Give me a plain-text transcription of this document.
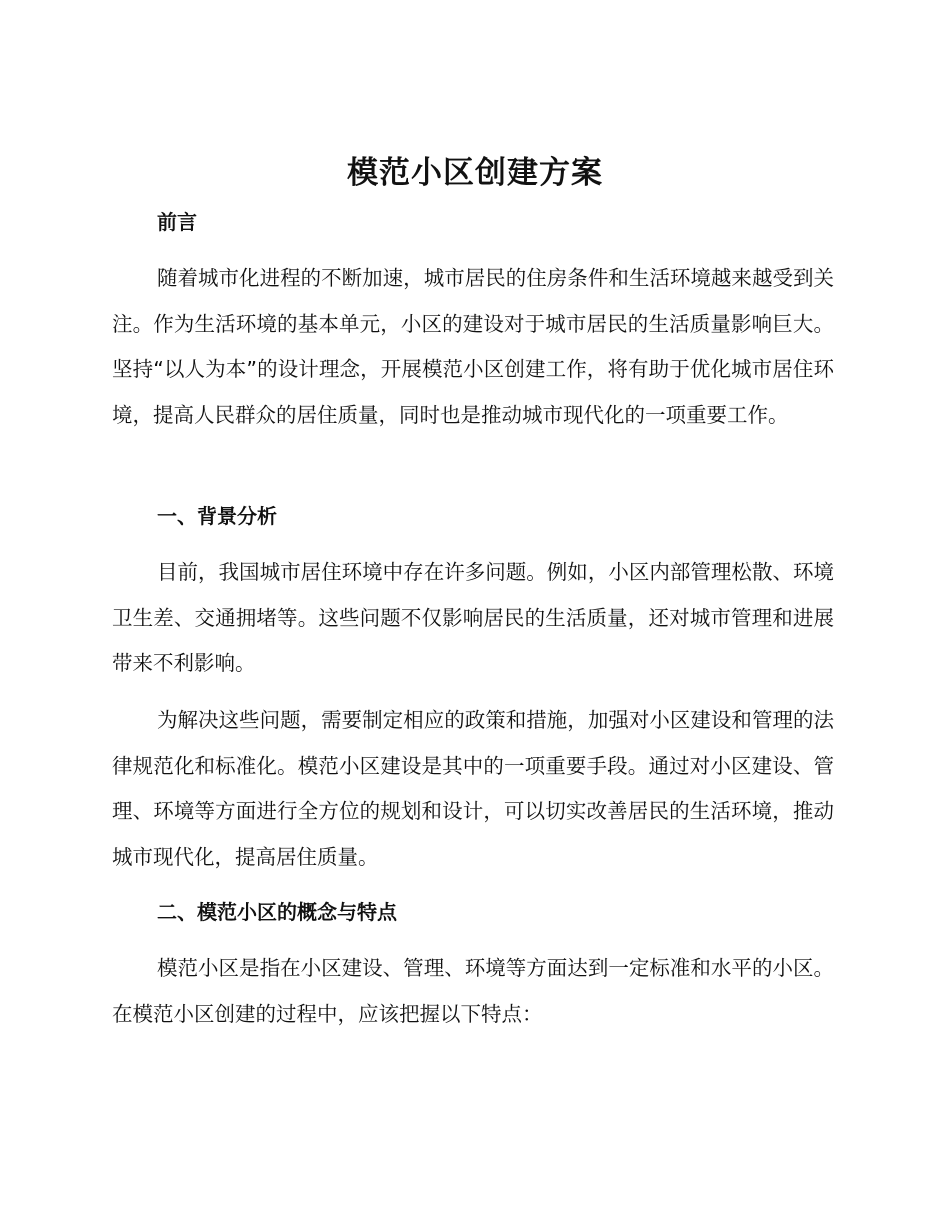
模范小区创建方案
前言

随着城市化进程的不断加速，城市居民的住房条件和生活环境越来越受到关注。作为生活环境的基本单元，小区的建设对于城市居民的生活质量影响巨大。坚持“以人为本”的设计理念，开展模范小区创建工作，将有助于优化城市居住环境，提高人民群众的居住质量，同时也是推动城市现代化的一项重要工作。

一、背景分析

目前，我国城市居住环境中存在许多问题。例如，小区内部管理松散、环境卫生差、交通拥堵等。这些问题不仅影响居民的生活质量，还对城市管理和进展带来不利影响。

为解决这些问题，需要制定相应的政策和措施，加强对小区建设和管理的法律规范化和标准化。模范小区建设是其中的一项重要手段。通过对小区建设、管理、环境等方面进行全方位的规划和设计，可以切实改善居民的生活环境，推动城市现代化，提高居住质量。

二、模范小区的概念与特点

模范小区是指在小区建设、管理、环境等方面达到一定标准和水平的小区。在模范小区创建的过程中，应该把握以下特点：
